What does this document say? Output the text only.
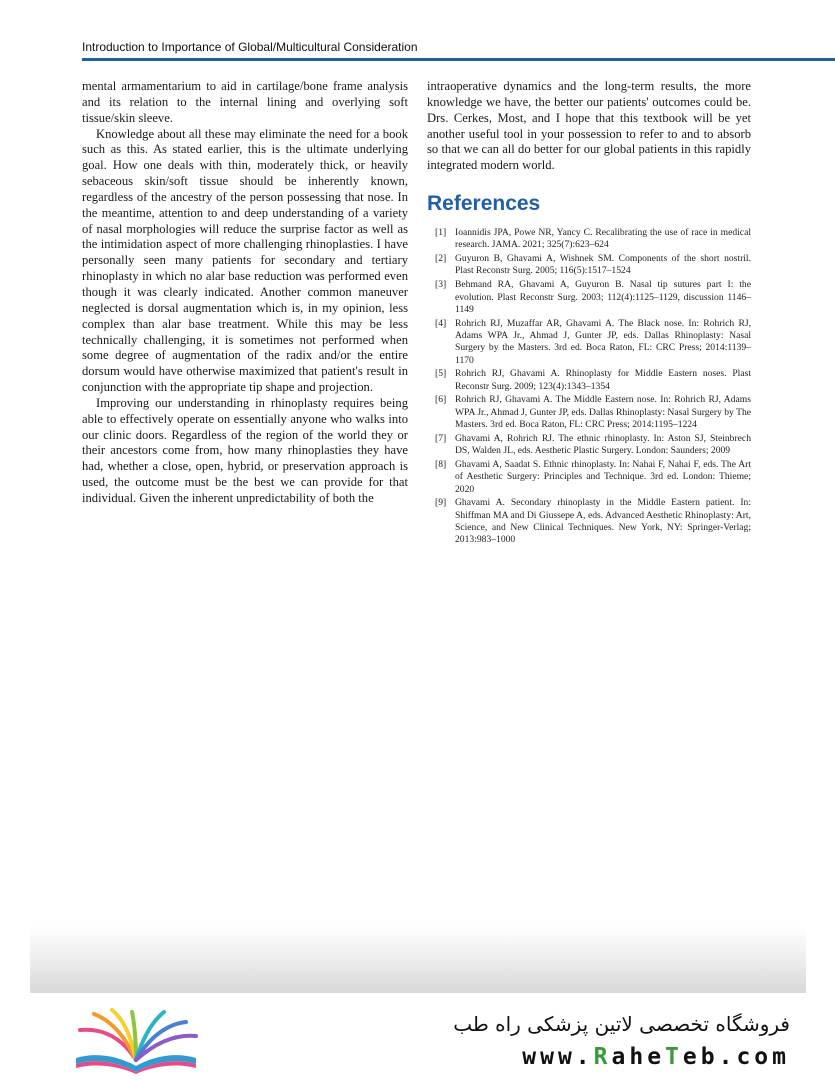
Introduction to Importance of Global/Multicultural Consideration

mental armamentarium to aid in cartilage/bone frame analysis and its relation to the internal lining and overlying soft tissue/skin sleeve.

Knowledge about all these may eliminate the need for a book such as this. As stated earlier, this is the ultimate underlying goal. How one deals with thin, moderately thick, or heavily sebaceous skin/soft tissue should be inherently known, regardless of the ancestry of the person possessing that nose. In the meantime, attention to and deep understanding of a variety of nasal morphologies will reduce the surprise factor as well as the intimidation aspect of more challenging rhinoplasties. I have personally seen many patients for secondary and tertiary rhinoplasty in which no alar base reduction was performed even though it was clearly indicated. Another common maneuver neglected is dorsal augmentation which is, in my opinion, less complex than alar base treatment. While this may be less technically challenging, it is sometimes not performed when some degree of augmentation of the radix and/or the entire dorsum would have otherwise maximized that patient's result in conjunction with the appropriate tip shape and projection.

Improving our understanding in rhinoplasty requires being able to effectively operate on essentially anyone who walks into our clinic doors. Regardless of the region of the world they or their ancestors come from, how many rhinoplasties they have had, whether a close, open, hybrid, or preservation approach is used, the outcome must be the best we can provide for that individual. Given the inherent unpredictability of both the

intraoperative dynamics and the long-term results, the more knowledge we have, the better our patients' outcomes could be. Drs. Cerkes, Most, and I hope that this textbook will be yet another useful tool in your possession to refer to and to absorb so that we can all do better for our global patients in this rapidly integrated modern world.

References
[1] Ioannidis JPA, Powe NR, Yancy C. Recalibrating the use of race in medical research. JAMA. 2021; 325(7):623–624
[2] Guyuron B, Ghavami A, Wishnek SM. Components of the short nostril. Plast Reconstr Surg. 2005; 116(5):1517–1524
[3] Behmand RA, Ghavami A, Guyuron B. Nasal tip sutures part I: the evolution. Plast Reconstr Surg. 2003; 112(4):1125–1129, discussion 1146–1149
[4] Rohrich RJ, Muzaffar AR, Ghavami A. The Black nose. In: Rohrich RJ, Adams WPA Jr., Ahmad J, Gunter JP, eds. Dallas Rhinoplasty: Nasal Surgery by the Masters. 3rd ed. Boca Raton, FL: CRC Press; 2014:1139–1170
[5] Rohrich RJ, Ghavami A. Rhinoplasty for Middle Eastern noses. Plast Reconstr Surg. 2009; 123(4):1343–1354
[6] Rohrich RJ, Ghavami A. The Middle Eastern nose. In: Rohrich RJ, Adams WPA Jr., Ahmad J, Gunter JP, eds. Dallas Rhinoplasty: Nasal Surgery by The Masters. 3rd ed. Boca Raton, FL: CRC Press; 2014:1195–1224
[7] Ghavami A, Rohrich RJ. The ethnic rhinoplasty. In: Aston SJ, Steinbrech DS, Walden JL, eds. Aesthetic Plastic Surgery. London: Saunders; 2009
[8] Ghavami A, Saadat S. Ethnic rhinoplasty. In: Nahai F, Nahai F, eds. The Art of Aesthetic Surgery: Principles and Technique. 3rd ed. London: Thieme; 2020
[9] Ghavami A. Secondary rhinoplasty in the Middle Eastern patient. In: Shiffman MA and Di Giussepe A, eds. Advanced Aesthetic Rhinoplasty: Art, Science, and New Clinical Techniques. New York, NY: Springer-Verlag; 2013:983–1000
فروشگاه تخصصی لاتین پزشکی راه طب
www.RaheTeb.com
